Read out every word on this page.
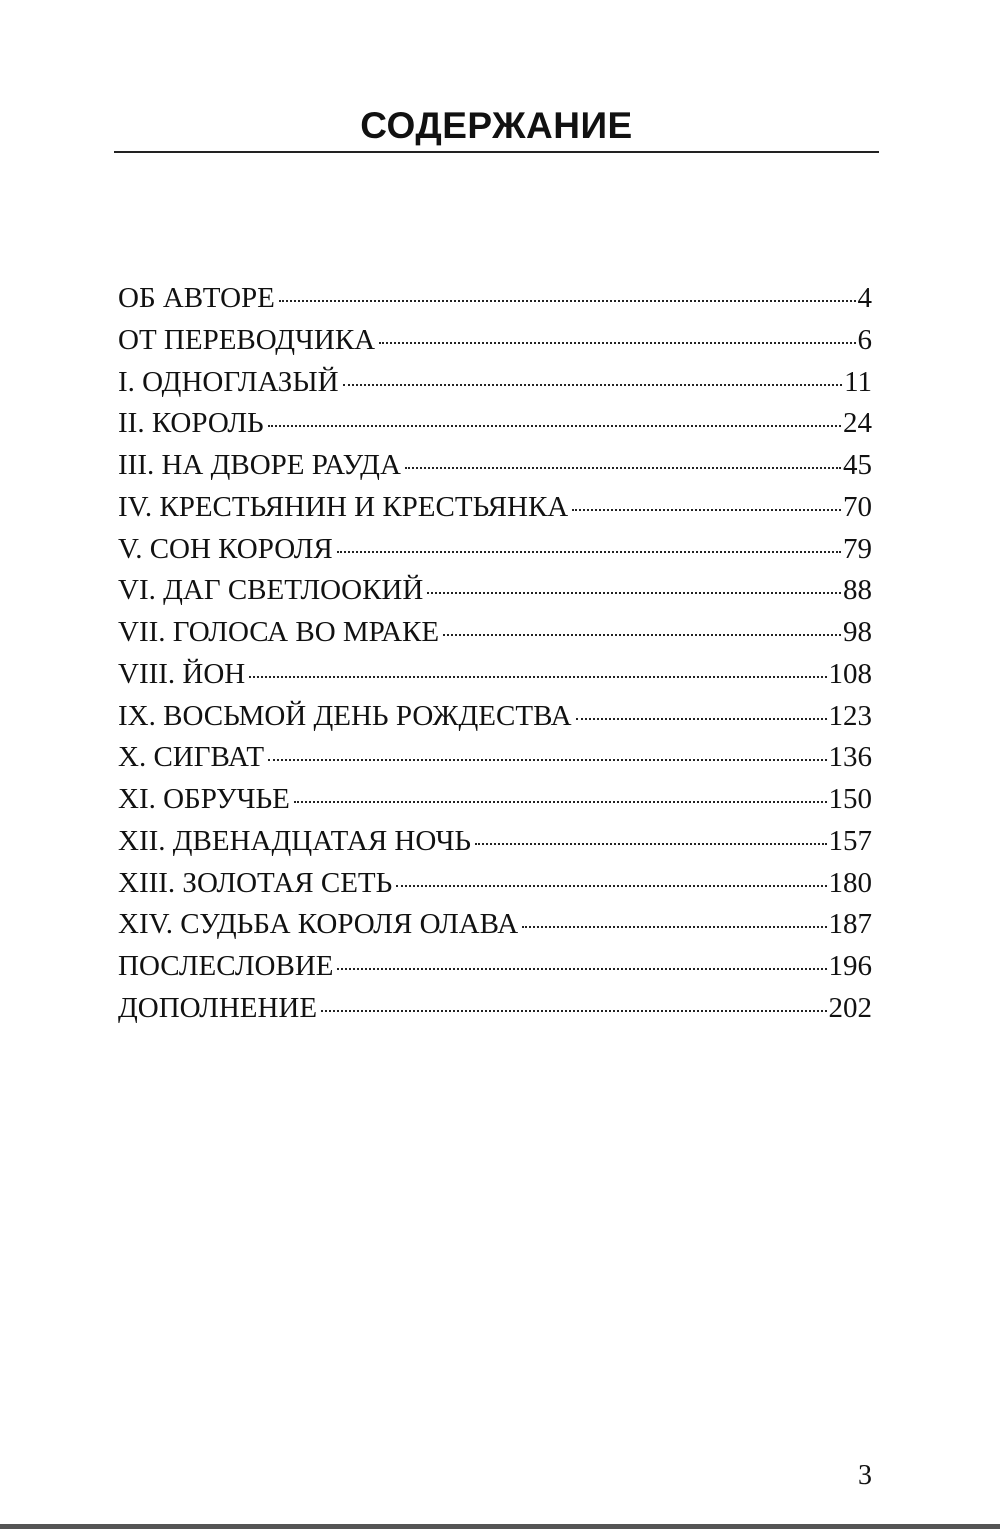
СОДЕРЖАНИЕ
ОБ АВТОРЕ	4
ОТ ПЕРЕВОДЧИКА	6
I. ОДНОГЛАЗЫЙ	11
II. КОРОЛЬ	24
III. НА ДВОРЕ РАУДА	45
IV. КРЕСТЬЯНИН И КРЕСТЬЯНКА	70
V. СОН КОРОЛЯ	79
VI. ДАГ СВЕТЛООКИЙ	88
VII. ГОЛОСА ВО МРАКЕ	98
VIII. ЙОН	108
IX. ВОСЬМОЙ ДЕНЬ РОЖДЕСТВА	123
X. СИГВАТ	136
XI. ОБРУЧЬЕ	150
XII. ДВЕНАДЦАТАЯ НОЧЬ	157
XIII. ЗОЛОТАЯ СЕТЬ	180
XIV. СУДЬБА КОРОЛЯ ОЛАВА	187
ПОСЛЕСЛОВИЕ	196
ДОПОЛНЕНИЕ	202
3
